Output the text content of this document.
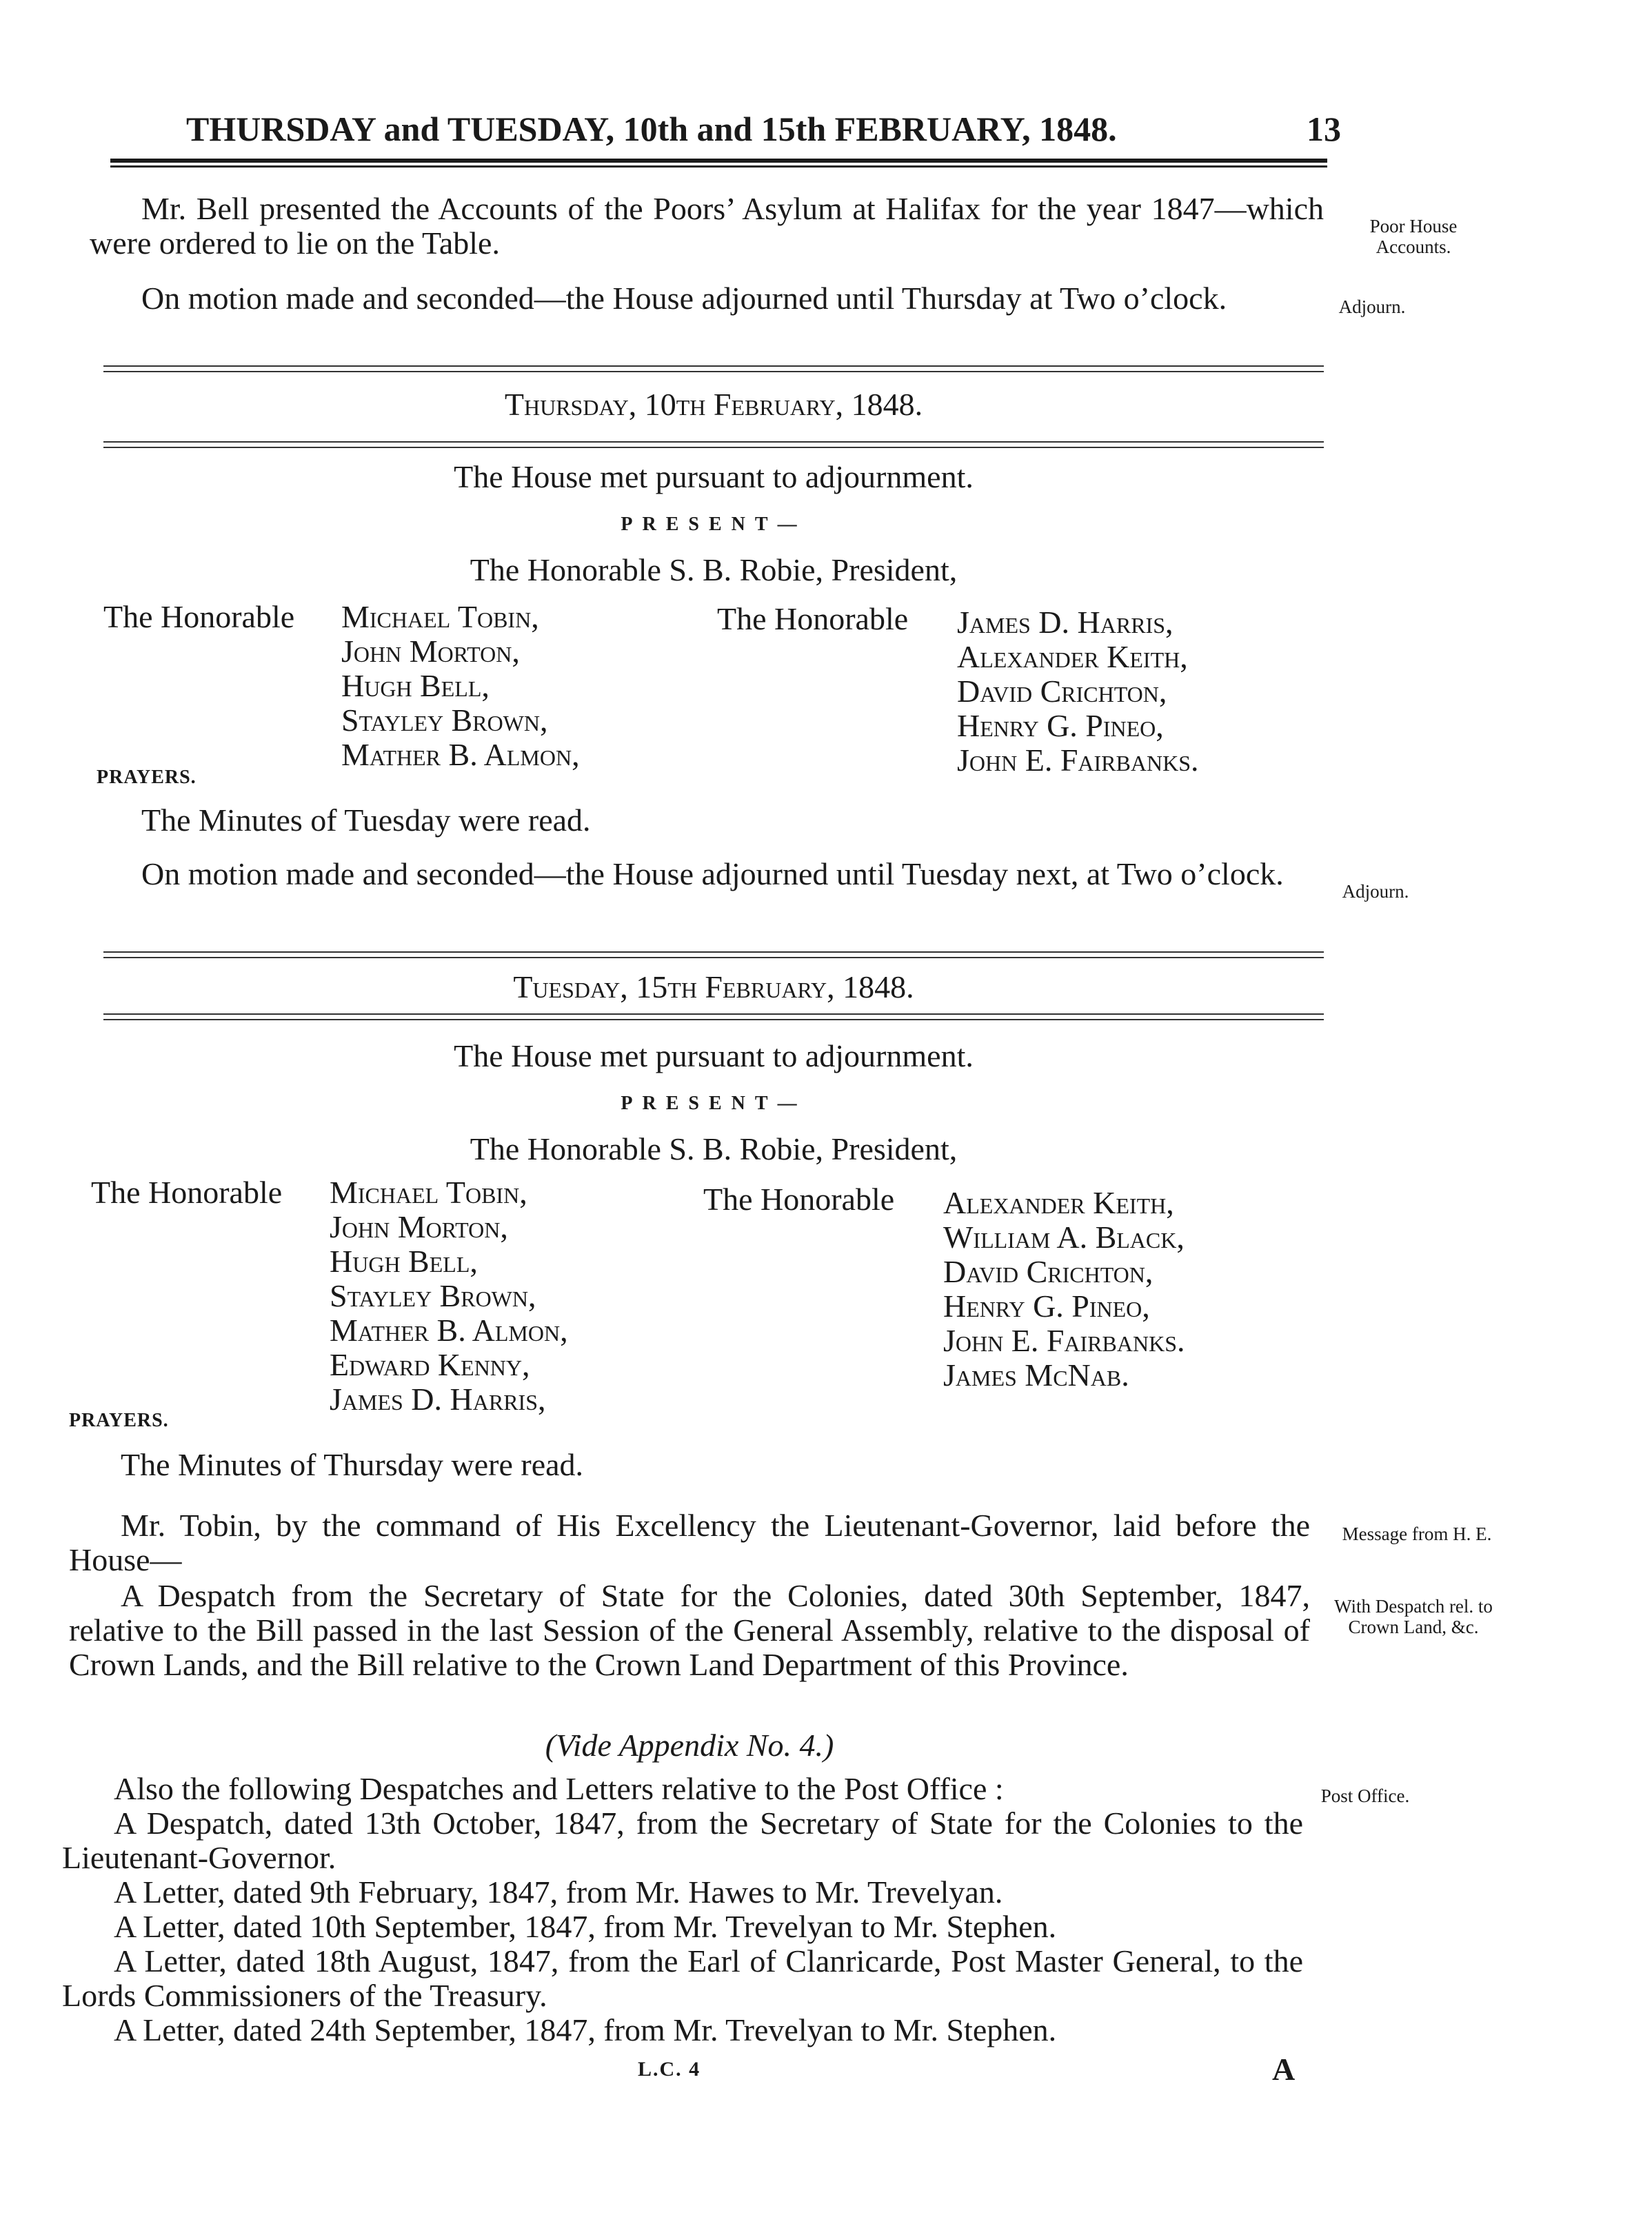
THURSDAY and TUESDAY, 10th and 15th FEBRUARY, 1848.	13
Mr. Bell presented the Accounts of the Poors’ Asylum at Halifax for the year 1847—which were ordered to lie on the Table.	Poor House Accounts.
On motion made and seconded—the House adjourned until Thursday at Two o’clock.	Adjourn.
Thursday, 10th February, 1848.
The House met pursuant to adjournment.
PRESENT—
The Honorable S. B. Robie, President,
The Honorable Michael Tobin,
John Morton,
Hugh Bell,
Stayley Brown,
Mather B. Almon,
The Honorable James D. Harris,
Alexander Keith,
David Crichton,
Henry G. Pineo,
John E. Fairbanks.
PRAYERS.
The Minutes of Tuesday were read.
On motion made and seconded—the House adjourned until Tuesday next, at Two o’clock.	Adjourn.
Tuesday, 15th February, 1848.
The House met pursuant to adjournment.
PRESENT—
The Honorable S. B. Robie, President,
The Honorable Michael Tobin,
John Morton,
Hugh Bell,
Stayley Brown,
Mather B. Almon,
Edward Kenny,
James D. Harris,
The Honorable Alexander Keith,
William A. Black,
David Crichton,
Henry G. Pineo,
John E. Fairbanks.
James McNab.
PRAYERS.
The Minutes of Thursday were read.
Mr. Tobin, by the command of His Excellency the Lieutenant-Governor, laid before the House—
Message from H. E.
A Despatch from the Secretary of State for the Colonies, dated 30th September, 1847, relative to the Bill passed in the last Session of the General Assembly, relative to the disposal of Crown Lands, and the Bill relative to the Crown Land Department of this Province.
With Despatch rel. to Crown Land, &c.
(Vide Appendix No. 4.)
Also the following Despatches and Letters relative to the Post Office :	Post Office.
A Despatch, dated 13th October, 1847, from the Secretary of State for the Colonies to the Lieutenant-Governor.
A Letter, dated 9th February, 1847, from Mr. Hawes to Mr. Trevelyan.
A Letter, dated 10th September, 1847, from Mr. Trevelyan to Mr. Stephen.
A Letter, dated 18th August, 1847, from the Earl of Clanricarde, Post Master General, to the Lords Commissioners of the Treasury.
A Letter, dated 24th September, 1847, from Mr. Trevelyan to Mr. Stephen.
L.C. 4	A
